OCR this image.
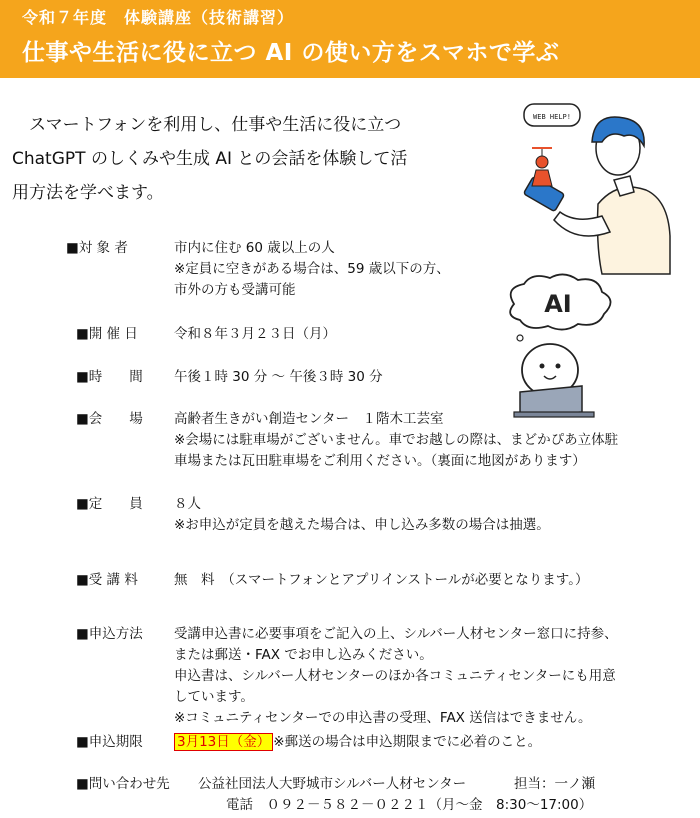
令和７年度　体験講座（技術講習）
仕事や生活に役に立つ AI の使い方をスマホで学ぶ
　スマートフォンを利用し、仕事や生活に役に立つ
ChatGPT のしくみや生成 AI との会話を体験して活
用方法を学べます。
WEB HELP!
AI
■対 象 者	市内に住む 60 歳以上の人
※定員に空きがある場合は、59 歳以下の方、
市外の方も受講可能
■開 催 日	令和８年３月２３日（月）
■時　　間 午後１時 30 分 ～ 午後３時 30 分
■会　　場 高齢者生きがい創造センター　１階木工芸室
※会場には駐車場がございません。車でお越しの際は、まどかぴあ立体駐
車場または瓦田駐車場をご利用ください。（裏面に地図があります）
■定　　員 ８人
※お申込が定員を越えた場合は、申し込み多数の場合は抽選。
■受 講 料	無　料　（スマートフォンとアプリインストールが必要となります。）
■申込方法 受講申込書に必要事項をご記入の上、シルバー人材センター窓口に持参、
または郵送・FAX でお申し込みください。
申込書は、シルバー人材センターのほか各コミュニティセンターにも用意
しています。
※コミュニティセンターでの申込書の受理、FAX 送信はできません。
■申込期限	3月13日（金） ※郵送の場合は申込期限までに必着のこと。
■問い合わせ先 公益社団法人大野城市シルバー人材センター	担当：一ノ瀬
電話　０９２－５８２－０２２１（月～金　8:30～17:00）
